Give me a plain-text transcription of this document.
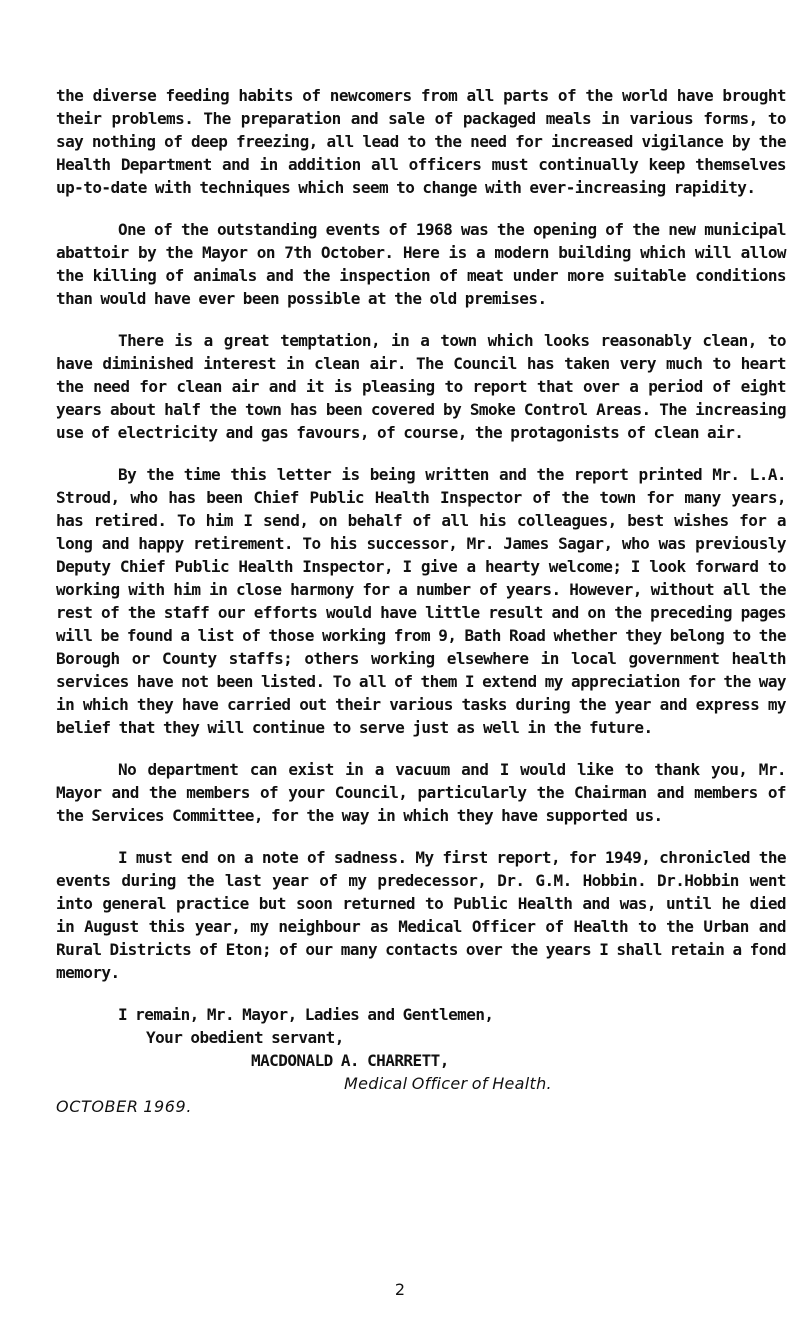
the diverse feeding habits of newcomers from all parts of the world have brought their problems. The preparation and sale of packaged meals in various forms, to say nothing of deep freezing, all lead to the need for increased vigilance by the Health Department and in addition all officers must continually keep themselves up-to-date with techniques which seem to change with ever-increasing rapidity.

One of the outstanding events of 1968 was the opening of the new municipal abattoir by the Mayor on 7th October. Here is a modern building which will allow the killing of animals and the inspection of meat under more suitable conditions than would have ever been possible at the old premises.

There is a great temptation, in a town which looks reasonably clean, to have diminished interest in clean air. The Council has taken very much to heart the need for clean air and it is pleasing to report that over a period of eight years about half the town has been covered by Smoke Control Areas. The increasing use of electricity and gas favours, of course, the protagonists of clean air.

By the time this letter is being written and the report printed Mr. L.A. Stroud, who has been Chief Public Health Inspector of the town for many years, has retired. To him I send, on behalf of all his colleagues, best wishes for a long and happy retirement. To his successor, Mr. James Sagar, who was previously Deputy Chief Public Health Inspector, I give a hearty welcome; I look forward to working with him in close harmony for a number of years. However, without all the rest of the staff our efforts would have little result and on the preceding pages will be found a list of those working from 9, Bath Road whether they belong to the Borough or County staffs; others working elsewhere in local government health services have not been listed. To all of them I extend my appreciation for the way in which they have carried out their various tasks during the year and express my belief that they will continue to serve just as well in the future.

No department can exist in a vacuum and I would like to thank you, Mr. Mayor and the members of your Council, particularly the Chairman and members of the Services Committee, for the way in which they have supported us.

I must end on a note of sadness. My first report, for 1949, chronicled the events during the last year of my predecessor, Dr. G.M. Hobbin. Dr.Hobbin went into general practice but soon returned to Public Health and was, until he died in August this year, my neighbour as Medical Officer of Health to the Urban and Rural Districts of Eton; of our many contacts over the years I shall retain a fond memory.

I remain, Mr. Mayor, Ladies and Gentlemen,
Your obedient servant,
MACDONALD A. CHARRETT,
Medical Officer of Health.
OCTOBER 1969.
2
